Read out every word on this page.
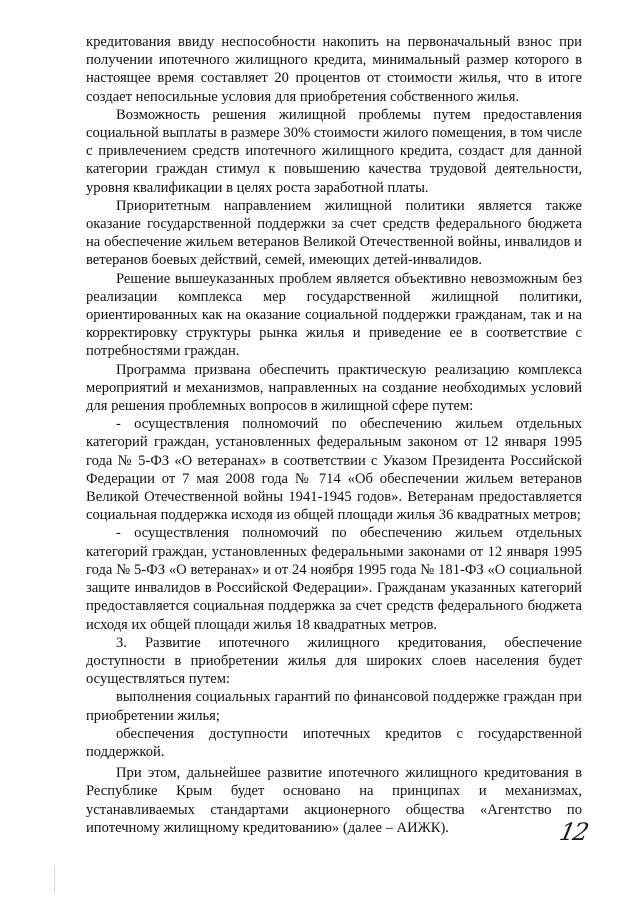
кредитования ввиду неспособности накопить на первоначальный взнос при получении ипотечного жилищного кредита, минимальный размер которого в настоящее время составляет 20 процентов от стоимости жилья, что в итоге создает непосильные условия для приобретения собственного жилья.

Возможность решения жилищной проблемы путем предоставления социальной выплаты в размере 30% стоимости жилого помещения, в том числе с привлечением средств ипотечного жилищного кредита, создаст для данной категории граждан стимул к повышению качества трудовой деятельности, уровня квалификации в целях роста заработной платы.

Приоритетным направлением жилищной политики является также оказание государственной поддержки за счет средств федерального бюджета на обеспечение жильем ветеранов Великой Отечественной войны, инвалидов и ветеранов боевых действий, семей, имеющих детей-инвалидов.

Решение вышеуказанных проблем является объективно невозможным без реализации комплекса мер государственной жилищной политики, ориентированных как на оказание социальной поддержки гражданам, так и на корректировку структуры рынка жилья и приведение ее в соответствие с потребностями граждан.

Программа призвана обеспечить практическую реализацию комплекса мероприятий и механизмов, направленных на создание необходимых условий для решения проблемных вопросов в жилищной сфере путем:

- осуществления полномочий по обеспечению жильем отдельных категорий граждан, установленных федеральным законом от 12 января 1995 года № 5-ФЗ «О ветеранах» в соответствии с Указом Президента Российской Федерации от 7 мая 2008 года № 714 «Об обеспечении жильем ветеранов Великой Отечественной войны 1941-1945 годов». Ветеранам предоставляется социальная поддержка исходя из общей площади жилья 36 квадратных метров;

- осуществления полномочий по обеспечению жильем отдельных категорий граждан, установленных федеральными законами от 12 января 1995 года № 5-ФЗ «О ветеранах» и от 24 ноября 1995 года № 181-ФЗ «О социальной защите инвалидов в Российской Федерации». Гражданам указанных категорий предоставляется социальная поддержка за счет средств федерального бюджета исходя их общей площади жилья 18 квадратных метров.

3. Развитие ипотечного жилищного кредитования, обеспечение доступности в приобретении жилья для широких слоев населения будет осуществляться путем:

выполнения социальных гарантий по финансовой поддержке граждан при приобретении жилья;

обеспечения доступности ипотечных кредитов с государственной поддержкой.

При этом, дальнейшее развитие ипотечного жилищного кредитования в Республике Крым будет основано на принципах и механизмах, устанавливаемых стандартами акционерного общества «Агентство по ипотечному жилищному кредитованию» (далее – АИЖК).	12
